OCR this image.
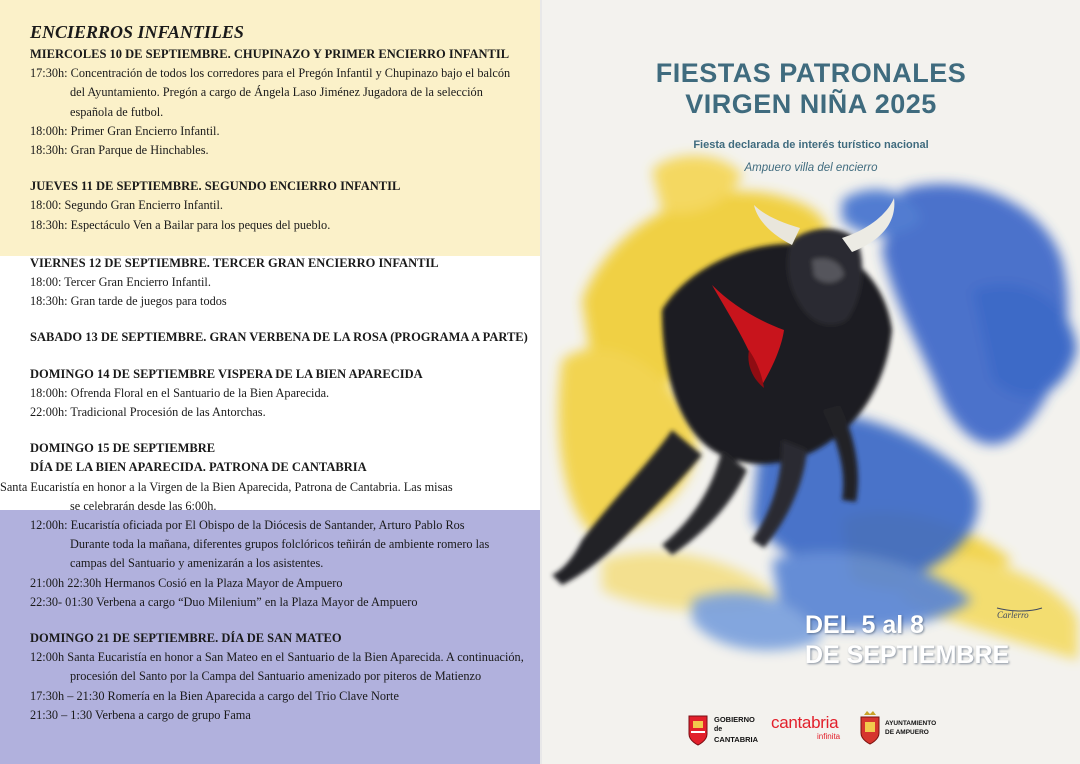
ENCIERROS INFANTILES
MIERCOLES 10 DE SEPTIEMBRE. CHUPINAZO Y PRIMER ENCIERRO INFANTIL
17:30h: Concentración de todos los corredores para el Pregón Infantil y Chupinazo bajo el balcón
del Ayuntamiento. Pregón a cargo de Ángela Laso Jiménez Jugadora de la selección
española de futbol.
18:00h: Primer Gran Encierro Infantil.
18:30h: Gran Parque de Hinchables.
JUEVES 11 DE SEPTIEMBRE. SEGUNDO ENCIERRO INFANTIL
18:00: Segundo Gran Encierro Infantil.
18:30h: Espectáculo Ven a Bailar para los peques del pueblo.
VIERNES 12 DE SEPTIEMBRE. TERCER GRAN ENCIERRO INFANTIL
18:00: Tercer Gran Encierro Infantil.
18:30h: Gran tarde de juegos para todos
SABADO 13 DE SEPTIEMBRE. GRAN VERBENA DE LA ROSA (PROGRAMA A PARTE)
DOMINGO 14 DE SEPTIEMBRE VISPERA DE LA BIEN APARECIDA
18:00h: Ofrenda Floral en el Santuario de la Bien Aparecida.
22:00h: Tradicional Procesión de las Antorchas.
DOMINGO 15 DE SEPTIEMBRE
DÍA DE LA BIEN APARECIDA. PATRONA DE CANTABRIA
Santa Eucaristía en honor a la Virgen de la Bien Aparecida, Patrona de Cantabria. Las misas
se celebrarán desde las 6:00h.
12:00h: Eucaristía oficiada por El Obispo de la Diócesis de Santander, Arturo Pablo Ros
Durante toda la mañana, diferentes grupos folclóricos teñirán de ambiente romero las
campas del Santuario y amenizarán a los asistentes.
21:00h 22:30h Hermanos Cosió en la Plaza Mayor de Ampuero
22:30- 01:30 Verbena a cargo “Duo Milenium” en la Plaza Mayor de Ampuero
DOMINGO 21 DE SEPTIEMBRE. DÍA DE SAN MATEO
12:00h Santa Eucaristía en honor a San Mateo en el Santuario de la Bien Aparecida. A continuación,
procesión del Santo por la Campa del Santuario amenizado por piteros de Matienzo
17:30h – 21:30 Romería en la Bien Aparecida a cargo del Trio Clave Norte
21:30 – 1:30 Verbena a cargo de grupo Fama
FIESTAS PATRONALES
VIRGEN NIÑA 2025
Fiesta declarada de interés turístico nacional
Ampuero villa del encierro
Carlerro
DEL 5 al 8
DE SEPTIEMBRE
GOBIERNO
de
CANTABRIA
cantabria
infinita
AYUNTAMIENTO
DE AMPUERO
